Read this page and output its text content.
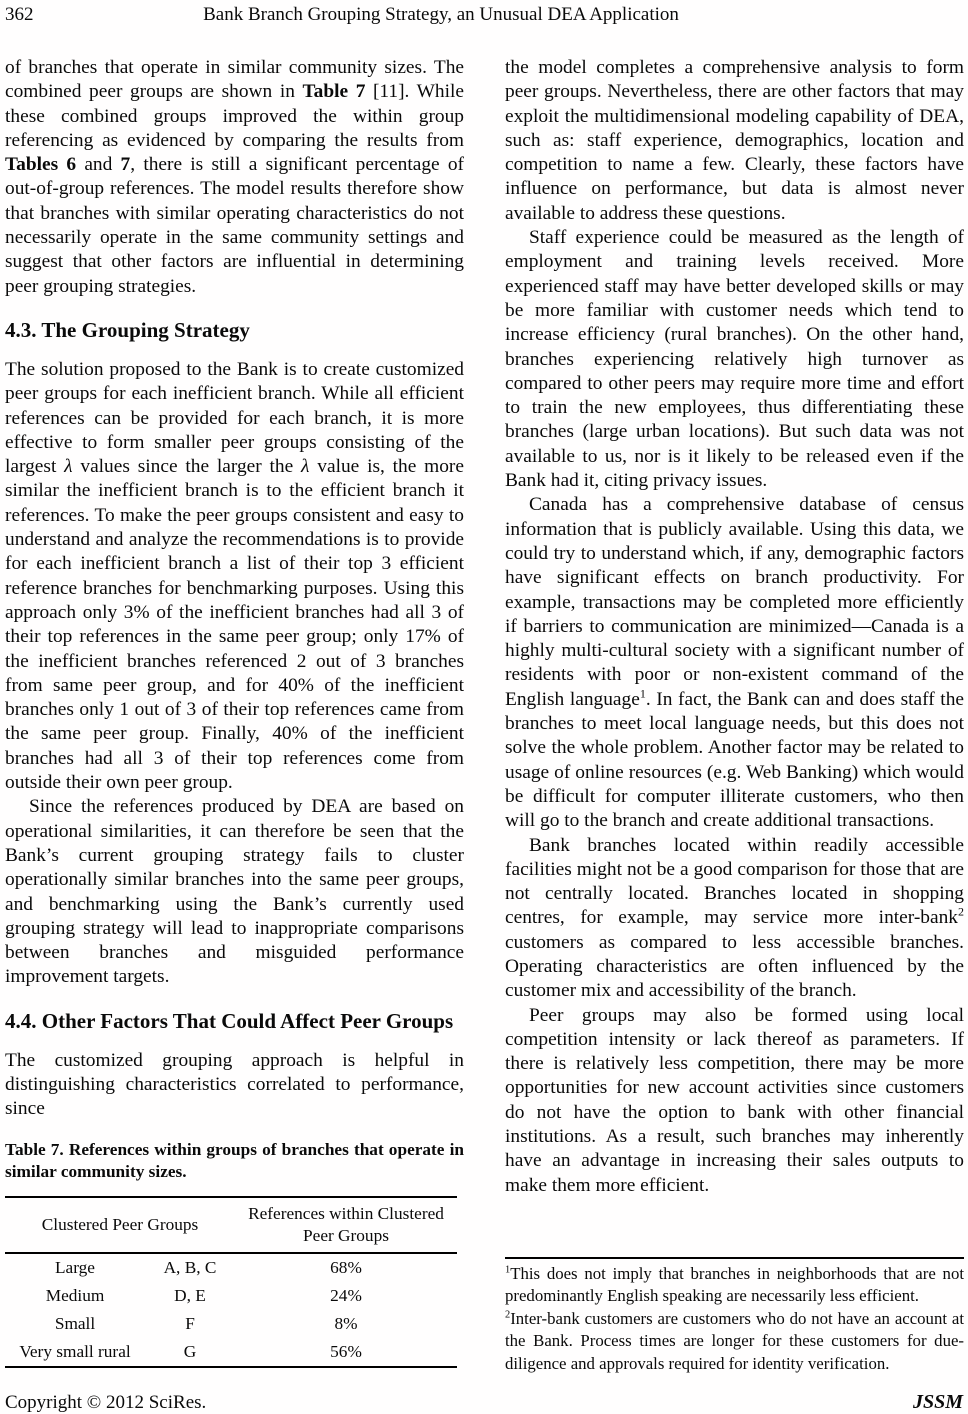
362	Bank Branch Grouping Strategy, an Unusual DEA Application

of branches that operate in similar community sizes. The combined peer groups are shown in Table 7 [11]. While these combined groups improved the within group referencing as evidenced by comparing the results from Tables 6 and 7, there is still a significant percentage of out-of-group references. The model results therefore show that branches with similar operating characteristics do not necessarily operate in the same community settings and suggest that other factors are influential in determining peer grouping strategies.

4.3. The Grouping Strategy

The solution proposed to the Bank is to create customized peer groups for each inefficient branch. While all efficient references can be provided for each branch, it is more effective to form smaller peer groups consisting of the largest λ values since the larger the λ value is, the more similar the inefficient branch is to the efficient branch it references. To make the peer groups consistent and easy to understand and analyze the recommendations is to provide for each inefficient branch a list of their top 3 efficient reference branches for benchmarking purposes. Using this approach only 3% of the inefficient branches had all 3 of their top references in the same peer group; only 17% of the inefficient branches referenced 2 out of 3 branches from same peer group, and for 40% of the inefficient branches only 1 out of 3 of their top references came from the same peer group. Finally, 40% of the inefficient branches had all 3 of their top references come from outside their own peer group.

Since the references produced by DEA are based on operational similarities, it can therefore be seen that the Bank’s current grouping strategy fails to cluster operationally similar branches into the same peer groups, and benchmarking using the Bank’s currently used grouping strategy will lead to inappropriate comparisons between branches and misguided performance improvement targets.

4.4. Other Factors That Could Affect Peer Groups

The customized grouping approach is helpful in distinguishing characteristics correlated to performance, since

Table 7. References within groups of branches that operate in similar community sizes.
Clustered Peer Groups		References within Clustered Peer Groups
Large	A, B, C	68%
Medium	D, E	24%
Small	F	8%
Very small rural	G	56%

the model completes a comprehensive analysis to form peer groups. Nevertheless, there are other factors that may exploit the multidimensional modeling capability of DEA, such as: staff experience, demographics, location and competition to name a few. Clearly, these factors have influence on performance, but data is almost never available to address these questions.

Staff experience could be measured as the length of employment and training levels received. More experienced staff may have better developed skills or may be more familiar with customer needs which tend to increase efficiency (rural branches). On the other hand, branches experiencing relatively high turnover as compared to other peers may require more time and effort to train the new employees, thus differentiating these branches (large urban locations). But such data was not available to us, nor is it likely to be released even if the Bank had it, citing privacy issues.

Canada has a comprehensive database of census information that is publicly available. Using this data, we could try to understand which, if any, demographic factors have significant effects on branch productivity. For example, transactions may be completed more efficiently if barriers to communication are minimized—Canada is a highly multi-cultural society with a significant number of residents with poor or non-existent command of the English language$^1$. In fact, the Bank can and does staff the branches to meet local language needs, but this does not solve the whole problem. Another factor may be related to usage of online resources (e.g. Web Banking) which would be difficult for computer illiterate customers, who then will go to the branch and create additional transactions.

Bank branches located within readily accessible facilities might not be a good comparison for those that are not centrally located. Branches located in shopping centres, for example, may service more inter-bank$^2$ customers as compared to less accessible branches. Operating characteristics are often influenced by the customer mix and accessibility of the branch.

Peer groups may also be formed using local competition intensity or lack thereof as parameters. If there is relatively less competition, there may be more opportunities for new account activities since customers do not have the option to bank with other financial institutions. As a result, such branches may inherently have an advantage in increasing their sales outputs to make them more efficient.

$^1$This does not imply that branches in neighborhoods that are not predominantly English speaking are necessarily less efficient.
$^2$Inter-bank customers are customers who do not have an account at the Bank. Process times are longer for these customers for due-diligence and approvals required for identity verification.
Copyright © 2012 SciRes.	JSSM
